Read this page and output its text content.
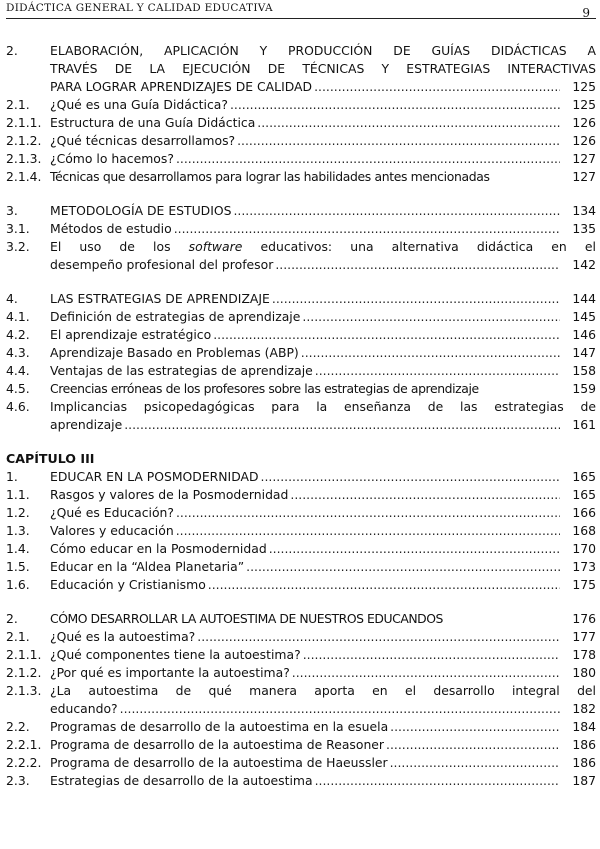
DIDÁCTICA GENERAL Y CALIDAD EDUCATIVA	9
2.	ELABORACIÓN, APLICACIÓN Y PRODUCCIÓN DE GUÍAS DIDÁCTICAS A
TRAVÉS DE LA EJECUCIÓN DE TÉCNICAS Y ESTRATEGIAS INTERACTIVAS
PARA LOGRAR APRENDIZAJES DE CALIDAD .....	125
2.1.	¿Qué es una Guía Didáctica? .....	125
2.1.1. Estructura de una Guía Didáctica .....	126
2.1.2. ¿Qué técnicas desarrollamos? .....	126
2.1.3. ¿Cómo lo hacemos? .....	127
2.1.4. Técnicas que desarrollamos para lograr las habilidades antes mencionadas	127
3.	METODOLOGÍA DE ESTUDIOS .....	134
3.1.	Métodos de estudio .....	135
3.2.	El uso de los software educativos: una alternativa didáctica en el
desempeño profesional del profesor .....	142
4.	LAS ESTRATEGIAS DE APRENDIZAJE .....	144
4.1.	Definición de estrategias de aprendizaje .....	145
4.2.	El aprendizaje estratégico .....	146
4.3.	Aprendizaje Basado en Problemas (ABP) .....	147
4.4.	Ventajas de las estrategias de aprendizaje .....	158
4.5.	Creencias erróneas de los profesores sobre las estrategias de aprendizaje	159
4.6.	Implicancias psicopedagógicas para la enseñanza de las estrategias de
aprendizaje .....	161
CAPÍTULO III
1.	EDUCAR EN LA POSMODERNIDAD .....	165
1.1.	Rasgos y valores de la Posmodernidad .....	165
1.2.	¿Qué es Educación? .....	166
1.3.	Valores y educación .....	168
1.4.	Cómo educar en la Posmodernidad .....	170
1.5.	Educar en la “Aldea Planetaria” .....	173
1.6.	Educación y Cristianismo .....	175
2.	CÓMO DESARROLLAR LA AUTOESTIMA DE NUESTROS EDUCANDOS	176
2.1.	¿Qué es la autoestima? .....	177
2.1.1. ¿Qué componentes tiene la autoestima? .....	178
2.1.2. ¿Por qué es importante la autoestima? .....	180
2.1.3. ¿La autoestima de qué manera aporta en el desarrollo integral del
educando? .....	182
2.2.	Programas de desarrollo de la autoestima en la esuela .....	184
2.2.1. Programa de desarrollo de la autoestima de Reasoner .....	186
2.2.2. Programa de desarrollo de la autoestima de Haeussler .....	186
2.3.	Estrategias de desarrollo de la autoestima .....	187
